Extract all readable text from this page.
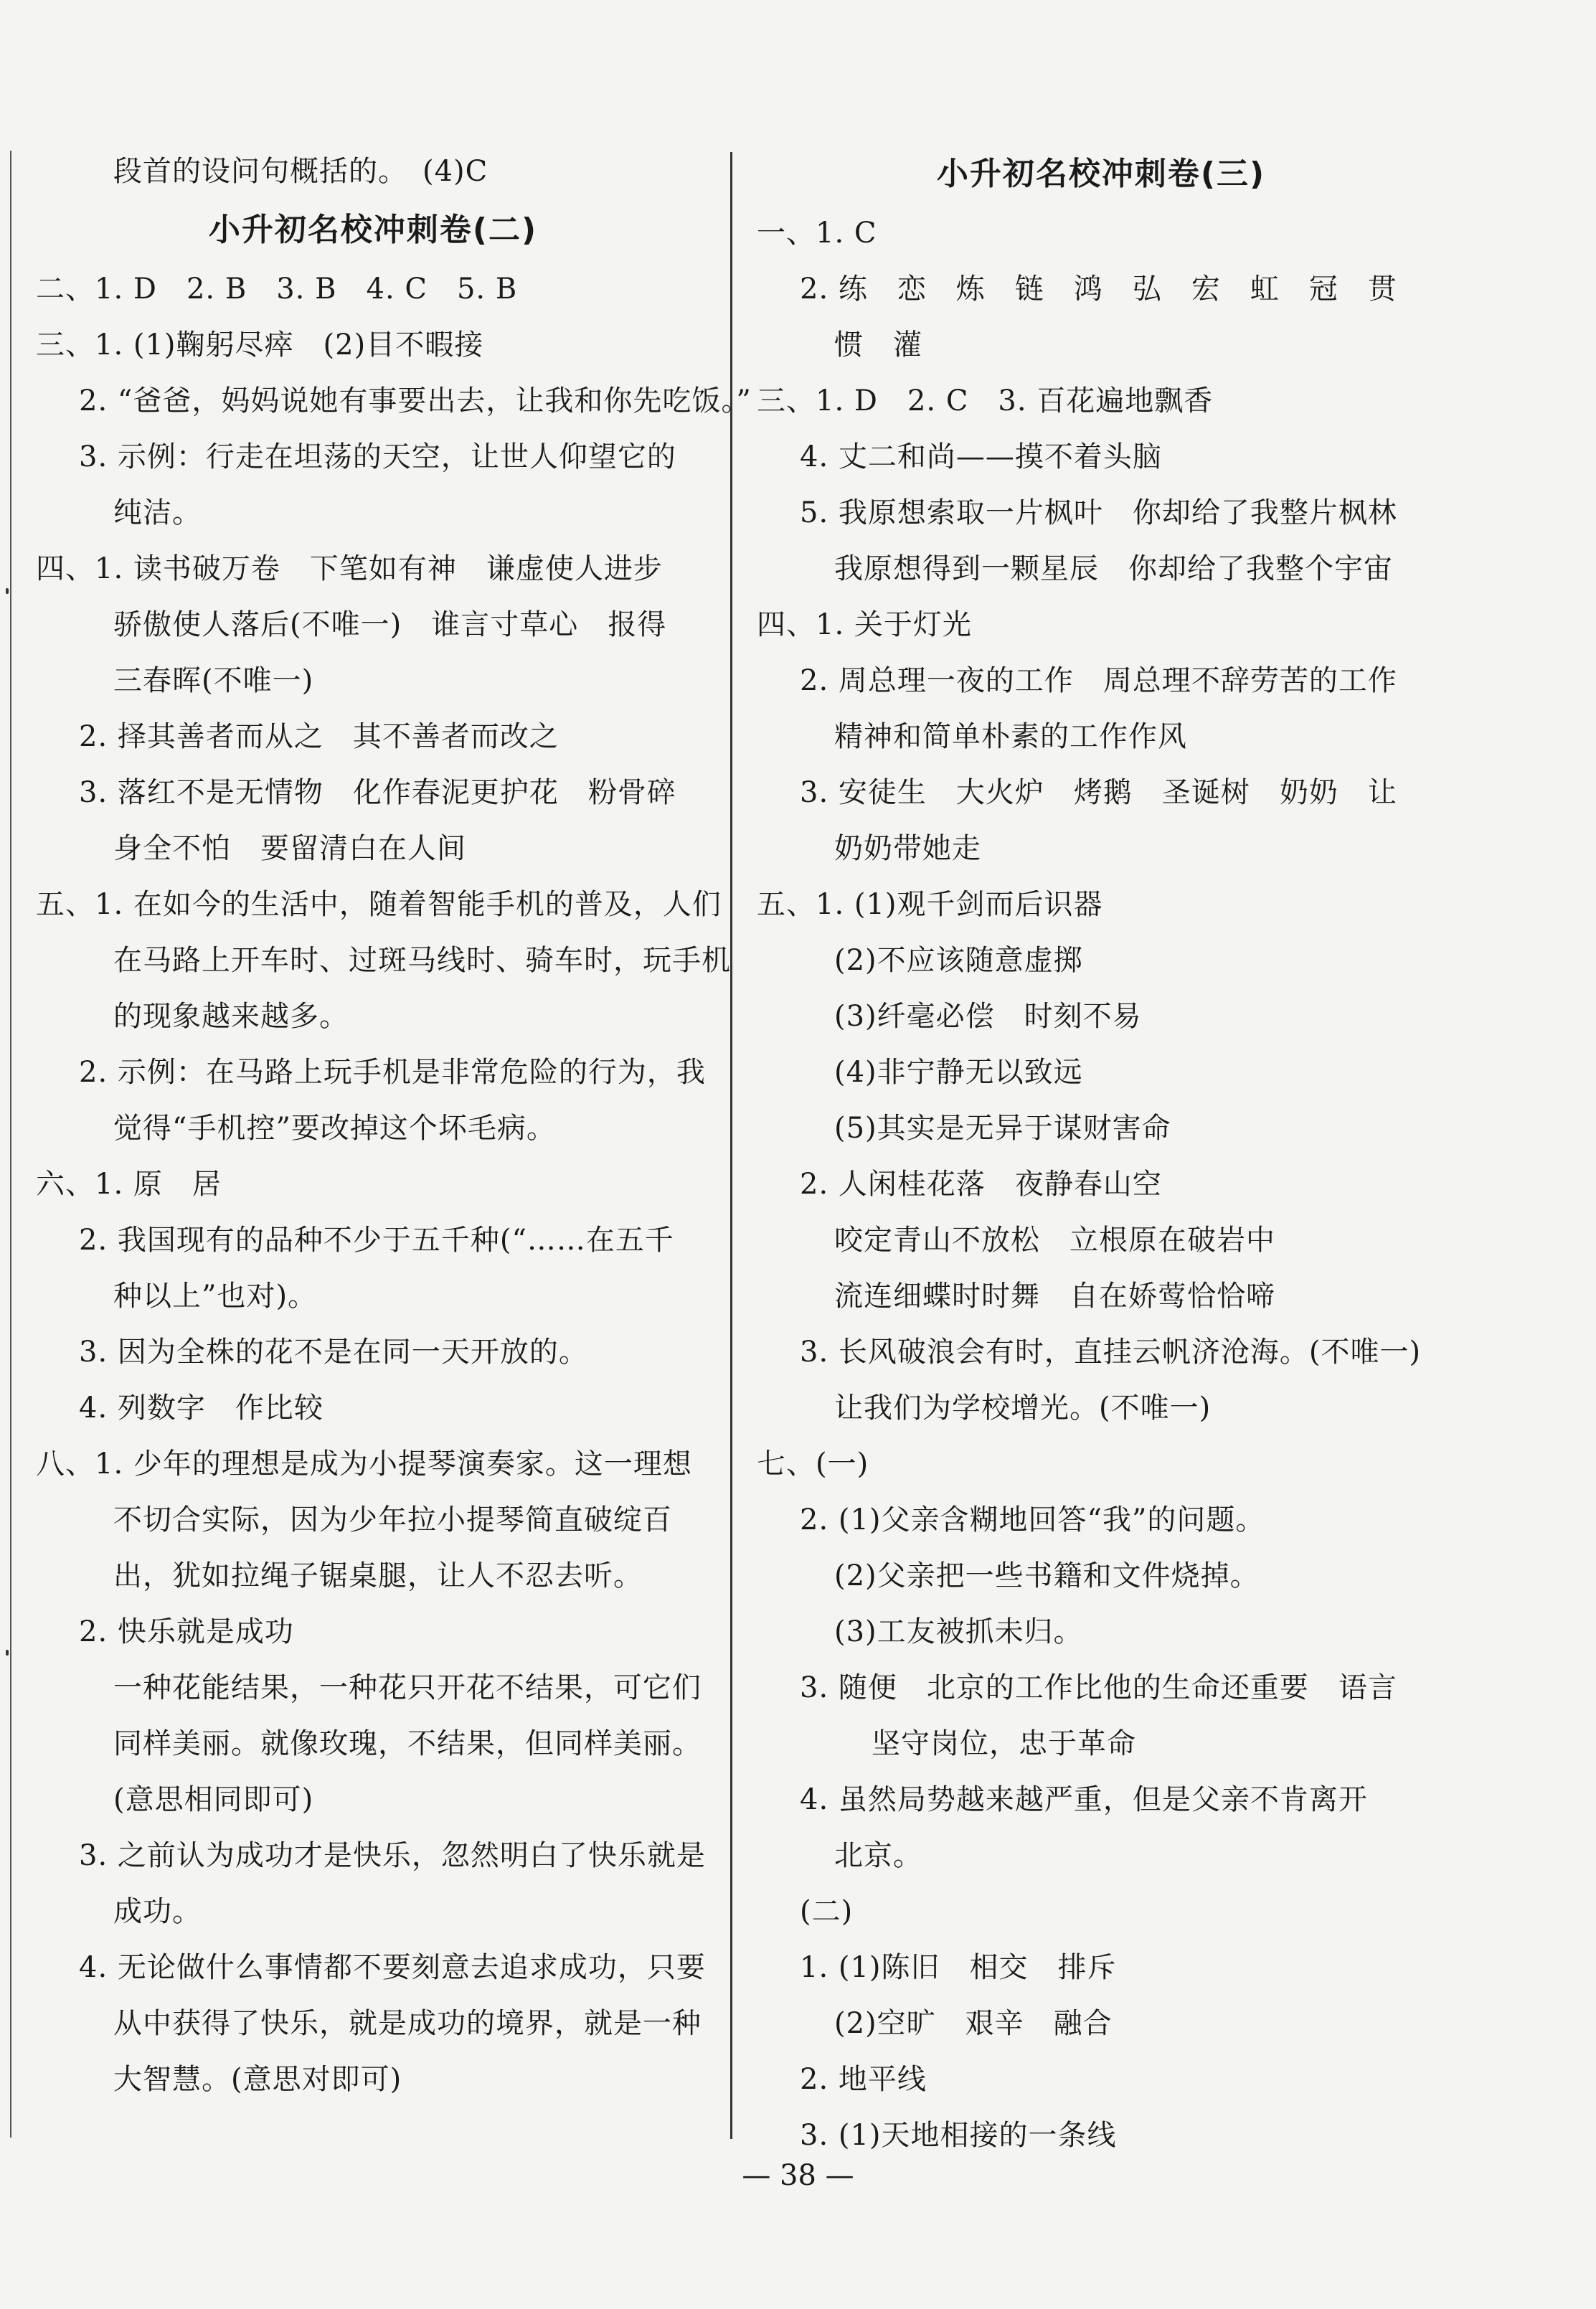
段首的设问句概括的。　(4)C
小升初名校冲刺卷(二)
二、1. D　2. B　3. B　4. C　5. B
三、1. (1)鞠躬尽瘁　(2)目不暇接
2. “爸爸，妈妈说她有事要出去，让我和你先吃饭。”
3. 示例：行走在坦荡的天空，让世人仰望它的
纯洁。
四、1. 读书破万卷　下笔如有神　谦虚使人进步
骄傲使人落后(不唯一)　谁言寸草心　报得
三春晖(不唯一)
2. 择其善者而从之　其不善者而改之
3. 落红不是无情物　化作春泥更护花　粉骨碎
身全不怕　要留清白在人间
五、1. 在如今的生活中，随着智能手机的普及，人们
在马路上开车时、过斑马线时、骑车时，玩手机
的现象越来越多。
2. 示例：在马路上玩手机是非常危险的行为，我
觉得“手机控”要改掉这个坏毛病。
六、1. 原　居
2. 我国现有的品种不少于五千种(“……在五千
种以上”也对)。
3. 因为全株的花不是在同一天开放的。
4. 列数字　作比较
八、1. 少年的理想是成为小提琴演奏家。这一理想
不切合实际，因为少年拉小提琴简直破绽百
出，犹如拉绳子锯桌腿，让人不忍去听。
2. 快乐就是成功
一种花能结果，一种花只开花不结果，可它们
同样美丽。就像玫瑰，不结果，但同样美丽。
(意思相同即可)
3. 之前认为成功才是快乐，忽然明白了快乐就是
成功。
4. 无论做什么事情都不要刻意去追求成功，只要
从中获得了快乐，就是成功的境界，就是一种
大智慧。(意思对即可)
小升初名校冲刺卷(三)
一、1. C
2. 练　恋　炼　链　鸿　弘　宏　虹　冠　贯
惯　灌
三、1. D　2. C　3. 百花遍地飘香
4. 丈二和尚——摸不着头脑
5. 我原想索取一片枫叶　你却给了我整片枫林
我原想得到一颗星辰　你却给了我整个宇宙
四、1. 关于灯光
2. 周总理一夜的工作　周总理不辞劳苦的工作
精神和简单朴素的工作作风
3. 安徒生　大火炉　烤鹅　圣诞树　奶奶　让
奶奶带她走
五、1. (1)观千剑而后识器
(2)不应该随意虚掷
(3)纤毫必偿　时刻不易
(4)非宁静无以致远
(5)其实是无异于谋财害命
2. 人闲桂花落　夜静春山空
咬定青山不放松　立根原在破岩中
流连细蝶时时舞　自在娇莺恰恰啼
3. 长风破浪会有时，直挂云帆济沧海。(不唯一)
让我们为学校增光。(不唯一)
七、(一)
2. (1)父亲含糊地回答“我”的问题。
(2)父亲把一些书籍和文件烧掉。
(3)工友被抓未归。
3. 随便　北京的工作比他的生命还重要　语言
坚守岗位，忠于革命
4. 虽然局势越来越严重，但是父亲不肯离开
北京。
(二)
1. (1)陈旧　相交　排斥
(2)空旷　艰辛　融合
2. 地平线
3. (1)天地相接的一条线
— 38 —
